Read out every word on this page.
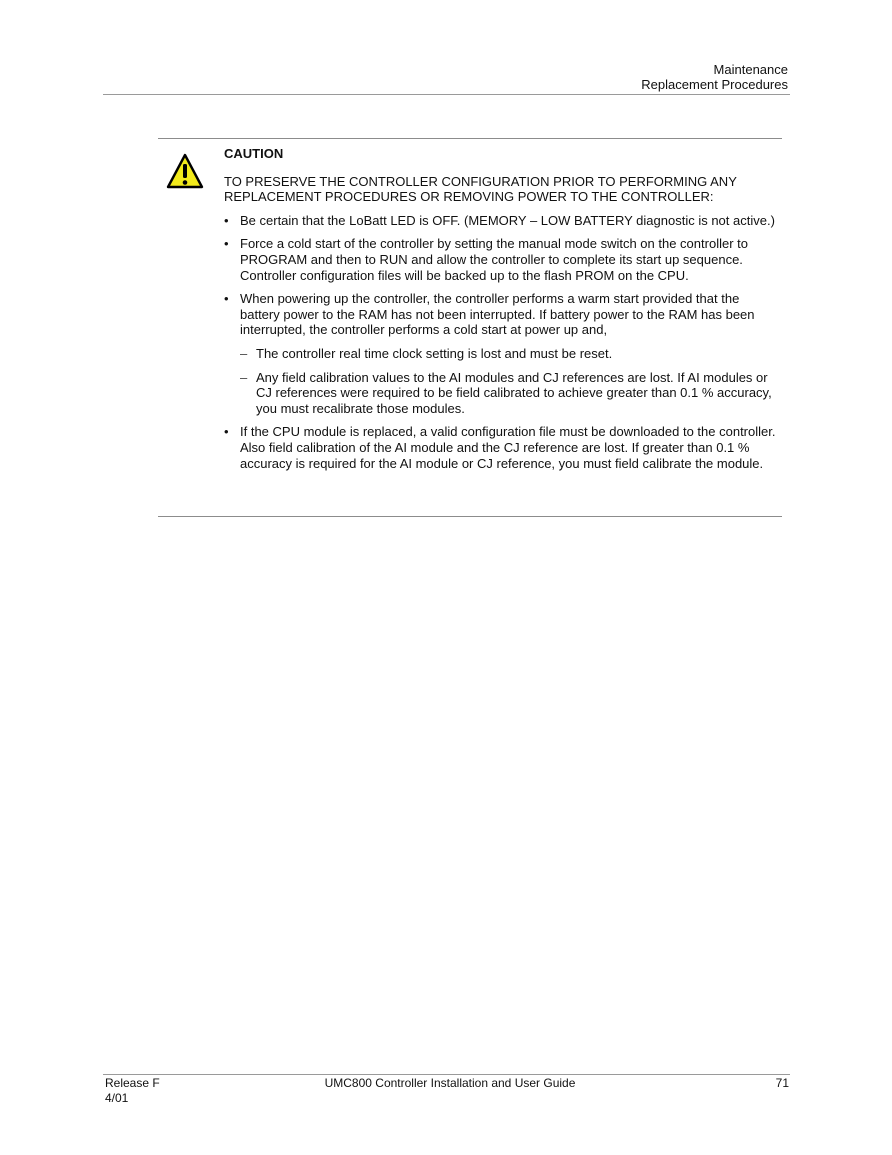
Maintenance
Replacement Procedures
CAUTION
TO PRESERVE THE CONTROLLER CONFIGURATION PRIOR TO PERFORMING ANY REPLACEMENT PROCEDURES OR REMOVING POWER TO THE CONTROLLER:
• Be certain that the LoBatt LED is OFF. (MEMORY – LOW BATTERY diagnostic is not active.)
• Force a cold start of the controller by setting the manual mode switch on the controller to PROGRAM and then to RUN and allow the controller to complete its start up sequence. Controller configuration files will be backed up to the flash PROM on the CPU.
• When powering up the controller, the controller performs a warm start provided that the battery power to the RAM has not been interrupted. If battery power to the RAM has been interrupted, the controller performs a cold start at power up and,
– The controller real time clock setting is lost and must be reset.
– Any field calibration values to the AI modules and CJ references are lost. If AI modules or CJ references were required to be field calibrated to achieve greater than 0.1 % accuracy, you must recalibrate those modules.
• If the CPU module is replaced, a valid configuration file must be downloaded to the controller. Also field calibration of the AI module and the CJ reference are lost. If greater than 0.1 % accuracy is required for the AI module or CJ reference, you must field calibrate the module.
Release F
4/01
UMC800 Controller Installation and User Guide	71
